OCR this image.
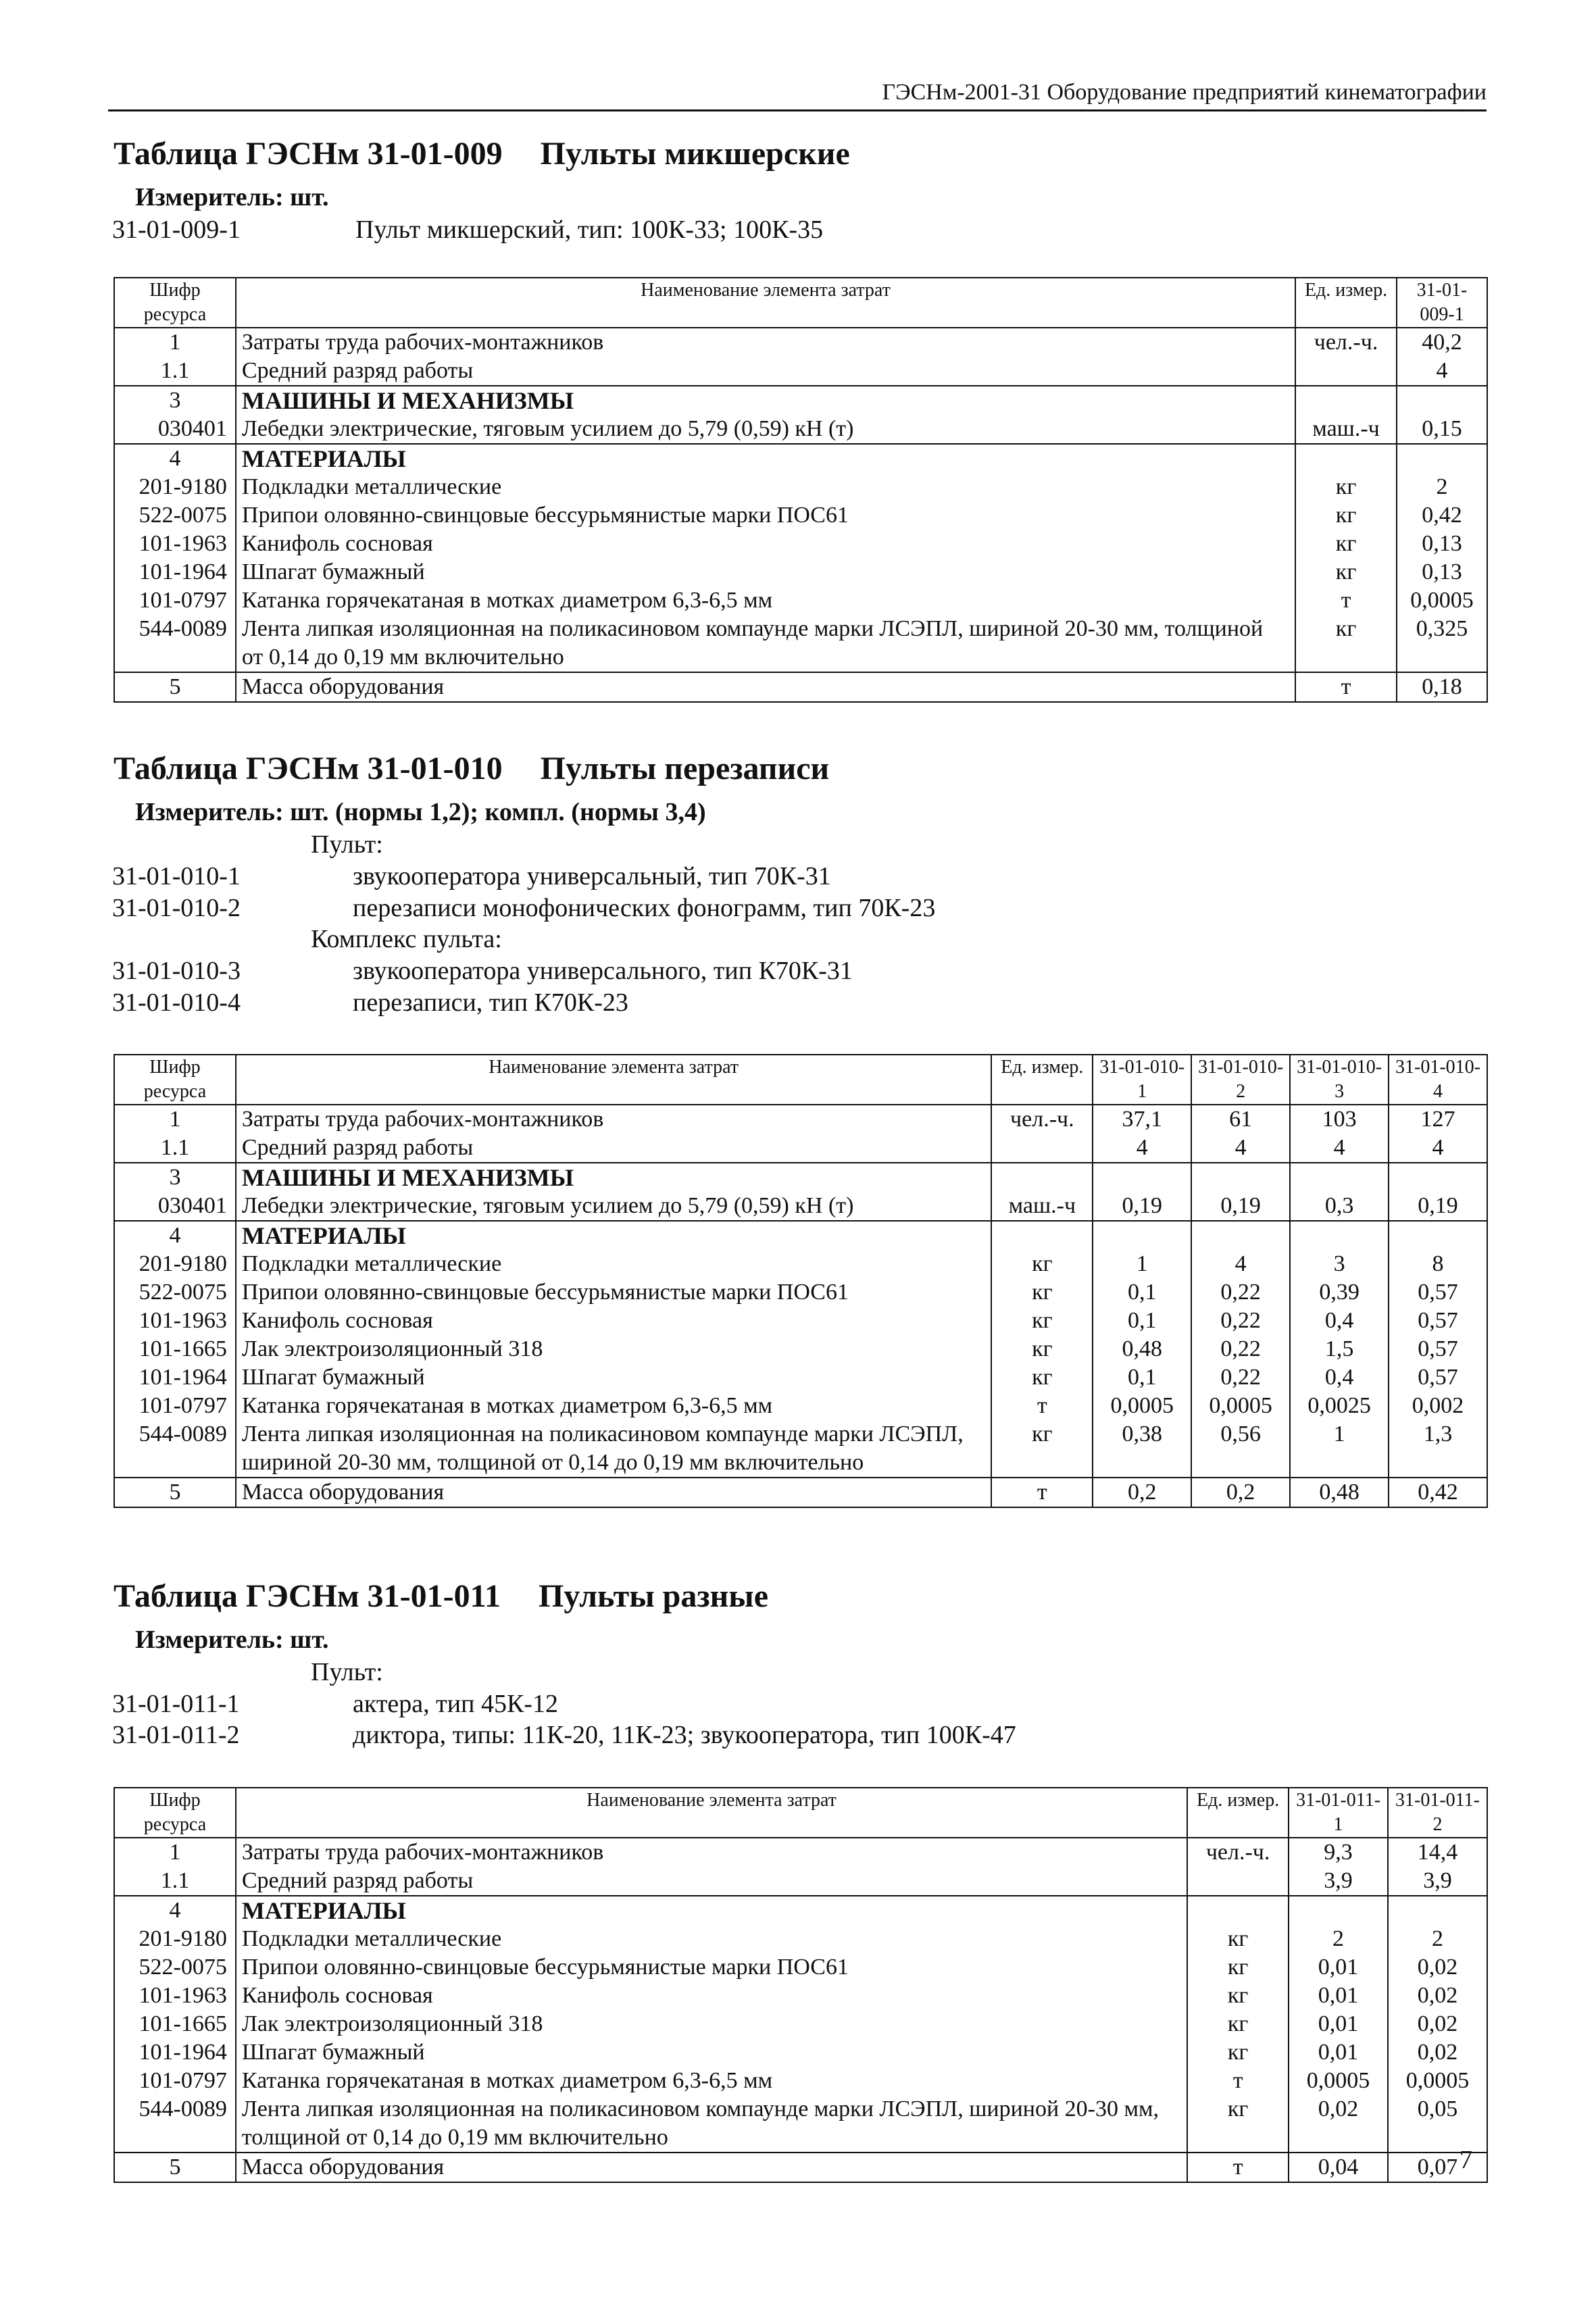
ГЭСНм-2001-31 Оборудование предприятий кинематографии
Таблица ГЭСНм 31-01-009 Пульты микшерские
Измеритель: шт.
31-01-009-1	Пульт микшерский, тип: 100К-33; 100К-35
Шифр ресурса	Наименование элемента затрат	Ед. измер.	31-01-009-1
1	Затраты труда рабочих-монтажников	чел.-ч.	40,2
1.1	Средний разряд работы		4
3	МАШИНЫ И МЕХАНИЗМЫ		
030401	Лебедки электрические, тяговым усилием до 5,79 (0,59) кН (т)	маш.-ч	0,15
4	МАТЕРИАЛЫ		
201-9180	Подкладки металлические	кг	2
522-0075	Припои оловянно-свинцовые бессурьмянистые марки ПОС61	кг	0,42
101-1963	Канифоль сосновая	кг	0,13
101-1964	Шпагат бумажный	кг	0,13
101-0797	Катанка горячекатаная в мотках диаметром 6,3-6,5 мм	т	0,0005
544-0089	Лента липкая изоляционная на поликасиновом компаунде марки ЛСЭПЛ, шириной 20-30 мм, толщиной от 0,14 до 0,19 мм включительно	кг	0,325
5	Масса оборудования	т	0,18
Таблица ГЭСНм 31-01-010 Пульты перезаписи
Измеритель: шт. (нормы 1,2); компл. (нормы 3,4)
Пульт:
31-01-010-1	звукооператора универсальный, тип 70К-31
31-01-010-2	перезаписи монофонических фонограмм, тип 70К-23
Комплекс пульта:
31-01-010-3	звукооператора универсального, тип К70К-31
31-01-010-4	перезаписи, тип К70К-23
Шифр ресурса	Наименование элемента затрат	Ед. измер.	31-01-010-1	31-01-010-2	31-01-010-3	31-01-010-4
1	Затраты труда рабочих-монтажников	чел.-ч.	37,1	61	103	127
1.1	Средний разряд работы		4	4	4	4
3	МАШИНЫ И МЕХАНИЗМЫ					
030401	Лебедки электрические, тяговым усилием до 5,79 (0,59) кН (т)	маш.-ч	0,19	0,19	0,3	0,19
4	МАТЕРИАЛЫ					
201-9180	Подкладки металлические	кг	1	4	3	8
522-0075	Припои оловянно-свинцовые бессурьмянистые марки ПОС61	кг	0,1	0,22	0,39	0,57
101-1963	Канифоль сосновая	кг	0,1	0,22	0,4	0,57
101-1665	Лак электроизоляционный 318	кг	0,48	0,22	1,5	0,57
101-1964	Шпагат бумажный	кг	0,1	0,22	0,4	0,57
101-0797	Катанка горячекатаная в мотках диаметром 6,3-6,5 мм	т	0,0005	0,0005	0,0025	0,002
544-0089	Лента липкая изоляционная на поликасиновом компаунде марки ЛСЭПЛ, шириной 20-30 мм, толщиной от 0,14 до 0,19 мм включительно	кг	0,38	0,56	1	1,3
5	Масса оборудования	т	0,2	0,2	0,48	0,42
Таблица ГЭСНм 31-01-011 Пульты разные
Измеритель: шт.
Пульт:
31-01-011-1	актера, тип 45К-12
31-01-011-2	диктора, типы: 11К-20, 11К-23; звукооператора, тип 100К-47
Шифр ресурса	Наименование элемента затрат	Ед. измер.	31-01-011-1	31-01-011-2
1	Затраты труда рабочих-монтажников	чел.-ч.	9,3	14,4
1.1	Средний разряд работы		3,9	3,9
4	МАТЕРИАЛЫ			
201-9180	Подкладки металлические	кг	2	2
522-0075	Припои оловянно-свинцовые бессурьмянистые марки ПОС61	кг	0,01	0,02
101-1963	Канифоль сосновая	кг	0,01	0,02
101-1665	Лак электроизоляционный 318	кг	0,01	0,02
101-1964	Шпагат бумажный	кг	0,01	0,02
101-0797	Катанка горячекатаная в мотках диаметром 6,3-6,5 мм	т	0,0005	0,0005
544-0089	Лента липкая изоляционная на поликасиновом компаунде марки ЛСЭПЛ, шириной 20-30 мм, толщиной от 0,14 до 0,19 мм включительно	кг	0,02	0,05
5	Масса оборудования	т	0,04	0,07 7
